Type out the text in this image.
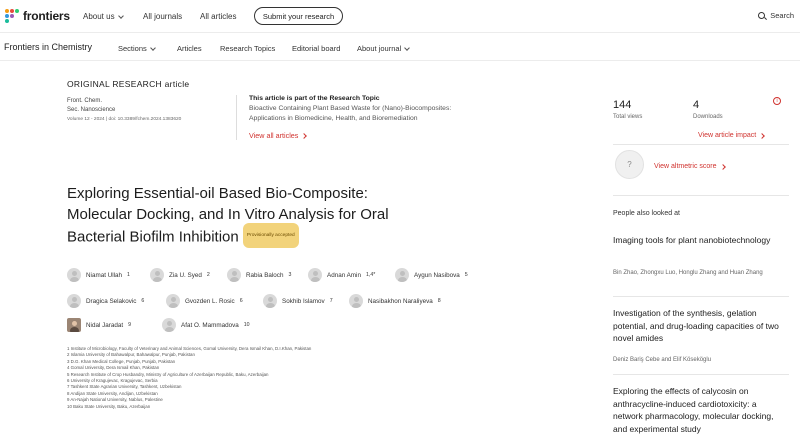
frontiers About us	All journals All articles	Submit your research	Search
Frontiers in Chemistry	Sections	Articles Research Topics Editorial board About journal
ORIGINAL RESEARCH article
Front. Chem.
Sec. Nanoscience
Volume 12 - 2024 | doi: 10.3389/fchem.2024.1383620
This article is part of the Research Topic
Bioactive Containing Plant Based Waste for (Nano)-Biocomposites: Applications in Biomedicine, Health, and Bioremediation
View all articles
Exploring Essential-oil Based Bio-Composite: Molecular Docking, and In Vitro Analysis for Oral Bacterial Biofilm Inhibition Provisionally accepted
Niamat Ullah 1	Zia U. Syed 2	Rabia Baloch 3	Adnan Amin 1,4*	Aygun Nasibova 5
Dragica Selakovic 6	Gvozden L. Rosic 6	Sokhib Islamov 7	Nasibakhon Naraliyeva 8
Nidal Jaradat 9	Afat O. Mammadova 10
1 Institute of Microbiology, Faculty of Veterinary and Animal Sciences, Gomal University, Dera Ismail Khan, D.I.Khan, Pakistan
2 Islamia University of Bahawalpur, Bahawalpur, Punjab, Pakistan
3 D.G. Khan Medical College, Punjab, Punjab, Pakistan
4 Gomal University, Dera Ismail Khan, Pakistan
5 Research Institute of Crop Husbandry, Ministry of Agriculture of Azerbaijan Republic, Baku, Azerbaijan
6 University of Kragujevac, Kragujevac, Serbia
7 Tashkent State Agrarian University, Tashkent, Uzbekistan
8 Andijan State University, Andijan, Uzbekistan
9 An-Najah National University, Nablus, Palestine
10 Baku State University, Baku, Azerbaijan
144
Total views
4
Downloads
i
View article impact
?	View altmetric score
People also looked at
Imaging tools for plant nanobiotechnology
Bin Zhao, Zhongxu Luo, Honglu Zhang and Huan Zhang
Investigation of the synthesis, gelation potential, and drug-loading capacities of two novel amides
Deniz Bariş Cebe and Elif Köseköglu
Exploring the effects of calycosin on anthracycline-induced cardiotoxicity: a network pharmacology, molecular docking, and experimental study
